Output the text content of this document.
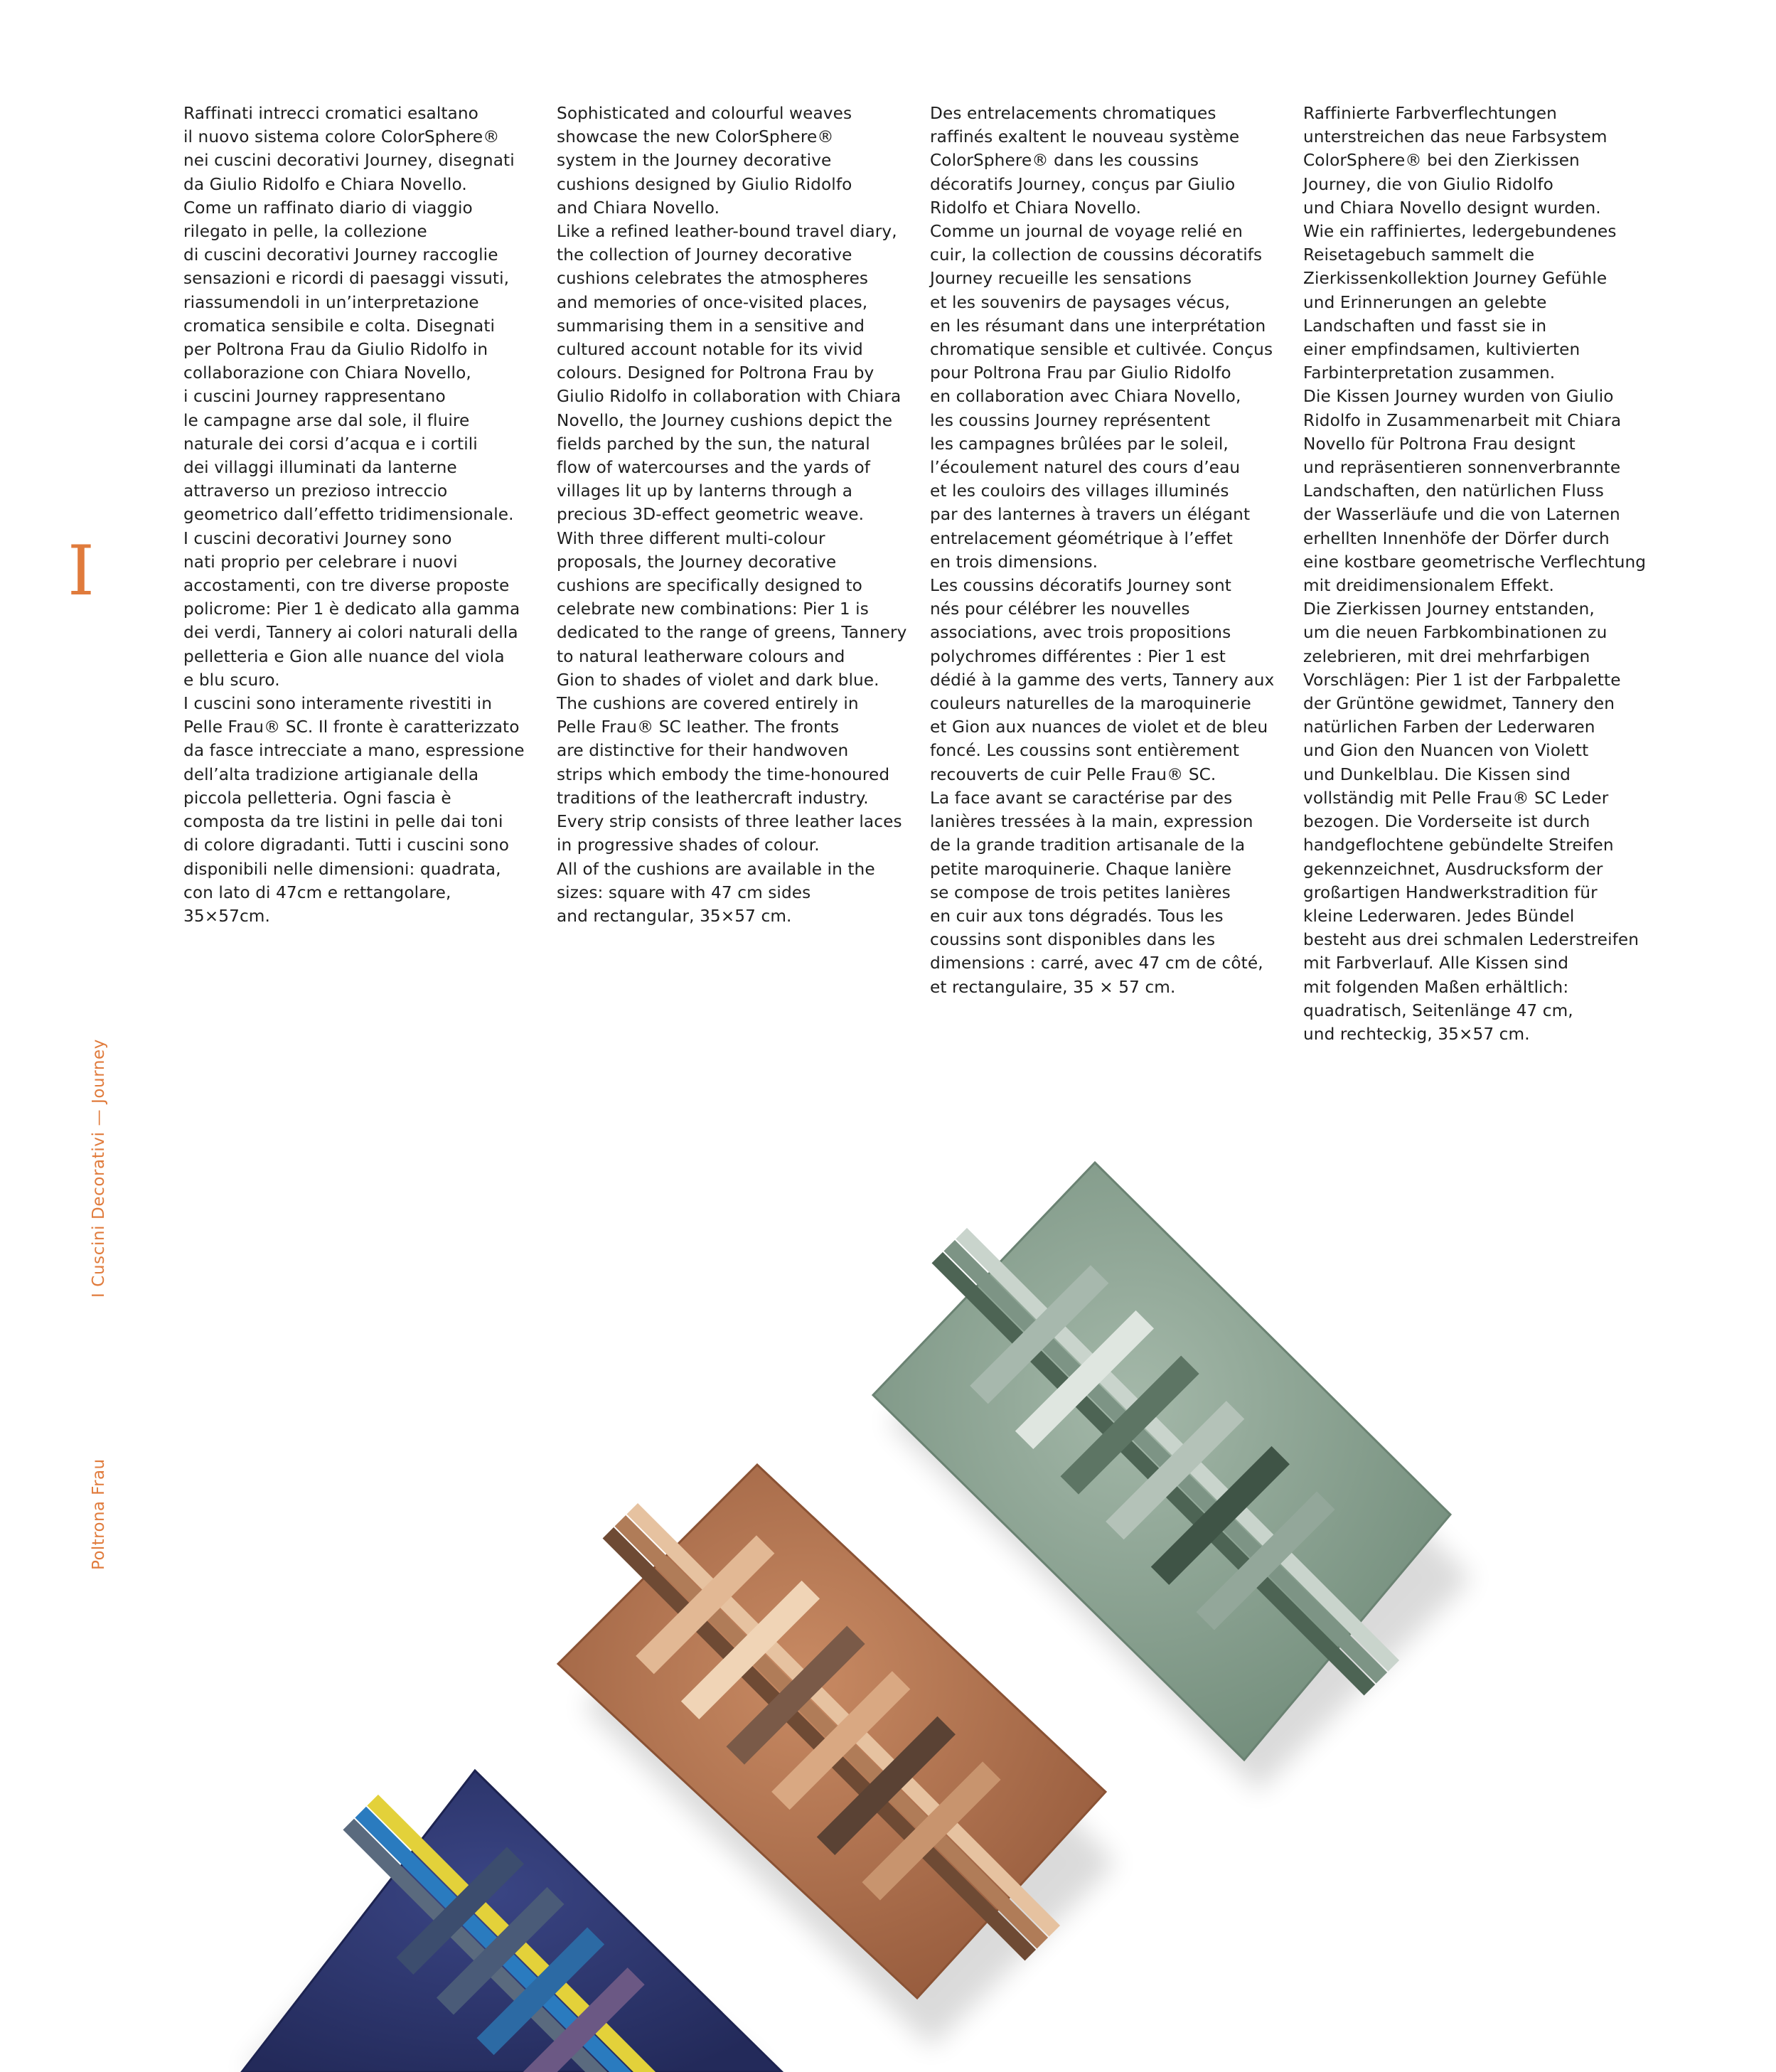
I
I Cuscini Decorativi — Journey
Poltrona Frau

Raffinati intrecci cromatici esaltano
il nuovo sistema colore ColorSphere®
nei cuscini decorativi Journey, disegnati
da Giulio Ridolfo e Chiara Novello.
Come un raffinato diario di viaggio
rilegato in pelle, la collezione
di cuscini decorativi Journey raccoglie
sensazioni e ricordi di paesaggi vissuti,
riassumendoli in un’interpretazione
cromatica sensibile e colta. Disegnati
per Poltrona Frau da Giulio Ridolfo in
collaborazione con Chiara Novello,
i cuscini Journey rappresentano
le campagne arse dal sole, il fluire
naturale dei corsi d’acqua e i cortili
dei villaggi illuminati da lanterne
attraverso un prezioso intreccio
geometrico dall’effetto tridimensionale.
I cuscini decorativi Journey sono
nati proprio per celebrare i nuovi
accostamenti, con tre diverse proposte
policrome: Pier 1 è dedicato alla gamma
dei verdi, Tannery ai colori naturali della
pelletteria e Gion alle nuance del viola
e blu scuro.
I cuscini sono interamente rivestiti in
Pelle Frau® SC. Il fronte è caratterizzato
da fasce intrecciate a mano, espressione
dell’alta tradizione artigianale della
piccola pelletteria. Ogni fascia è
composta da tre listini in pelle dai toni
di colore digradanti. Tutti i cuscini sono
disponibili nelle dimensioni: quadrata,
con lato di 47cm e rettangolare,
35×57cm.

Sophisticated and colourful weaves
showcase the new ColorSphere®
system in the Journey decorative
cushions designed by Giulio Ridolfo
and Chiara Novello.
Like a refined leather-bound travel diary,
the collection of Journey decorative
cushions celebrates the atmospheres
and memories of once-visited places,
summarising them in a sensitive and
cultured account notable for its vivid
colours. Designed for Poltrona Frau by
Giulio Ridolfo in collaboration with Chiara
Novello, the Journey cushions depict the
fields parched by the sun, the natural
flow of watercourses and the yards of
villages lit up by lanterns through a
precious 3D-effect geometric weave.
With three different multi-colour
proposals, the Journey decorative
cushions are specifically designed to
celebrate new combinations: Pier 1 is
dedicated to the range of greens, Tannery
to natural leatherware colours and
Gion to shades of violet and dark blue.
The cushions are covered entirely in
Pelle Frau® SC leather. The fronts
are distinctive for their handwoven
strips which embody the time-honoured
traditions of the leathercraft industry.
Every strip consists of three leather laces
in progressive shades of colour.
All of the cushions are available in the
sizes: square with 47 cm sides
and rectangular, 35×57 cm.

Des entrelacements chromatiques
raffinés exaltent le nouveau système
ColorSphere® dans les coussins
décoratifs Journey, conçus par Giulio
Ridolfo et Chiara Novello.
Comme un journal de voyage relié en
cuir, la collection de coussins décoratifs
Journey recueille les sensations
et les souvenirs de paysages vécus,
en les résumant dans une interprétation
chromatique sensible et cultivée. Conçus
pour Poltrona Frau par Giulio Ridolfo
en collaboration avec Chiara Novello,
les coussins Journey représentent
les campagnes brûlées par le soleil,
l’écoulement naturel des cours d’eau
et les couloirs des villages illuminés
par des lanternes à travers un élégant
entrelacement géométrique à l’effet
en trois dimensions.
Les coussins décoratifs Journey sont
nés pour célébrer les nouvelles
associations, avec trois propositions
polychromes différentes : Pier 1 est
dédié à la gamme des verts, Tannery aux
couleurs naturelles de la maroquinerie
et Gion aux nuances de violet et de bleu
foncé. Les coussins sont entièrement
recouverts de cuir Pelle Frau® SC.
La face avant se caractérise par des
lanières tressées à la main, expression
de la grande tradition artisanale de la
petite maroquinerie. Chaque lanière
se compose de trois petites lanières
en cuir aux tons dégradés. Tous les
coussins sont disponibles dans les
dimensions : carré, avec 47 cm de côté,
et rectangulaire, 35 × 57 cm.

Raffinierte Farbverflechtungen
unterstreichen das neue Farbsystem
ColorSphere® bei den Zierkissen
Journey, die von Giulio Ridolfo
und Chiara Novello designt wurden.
Wie ein raffiniertes, ledergebundenes
Reisetagebuch sammelt die
Zierkissenkollektion Journey Gefühle
und Erinnerungen an gelebte
Landschaften und fasst sie in
einer empfindsamen, kultivierten
Farbinterpretation zusammen.
Die Kissen Journey wurden von Giulio
Ridolfo in Zusammenarbeit mit Chiara
Novello für Poltrona Frau designt
und repräsentieren sonnenverbrannte
Landschaften, den natürlichen Fluss
der Wasserläufe und die von Laternen
erhellten Innenhöfe der Dörfer durch
eine kostbare geometrische Verflechtung
mit dreidimensionalem Effekt.
Die Zierkissen Journey entstanden,
um die neuen Farbkombinationen zu
zelebrieren, mit drei mehrfarbigen
Vorschlägen: Pier 1 ist der Farbpalette
der Grüntöne gewidmet, Tannery den
natürlichen Farben der Lederwaren
und Gion den Nuancen von Violett
und Dunkelblau. Die Kissen sind
vollständig mit Pelle Frau® SC Leder
bezogen. Die Vorderseite ist durch
handgeflochtene gebündelte Streifen
gekennzeichnet, Ausdrucksform der
großartigen Handwerkstradition für
kleine Lederwaren. Jedes Bündel
besteht aus drei schmalen Lederstreifen
mit Farbverlauf. Alle Kissen sind
mit folgenden Maßen erhältlich:
quadratisch, Seitenlänge 47 cm,
und rechteckig, 35×57 cm.
